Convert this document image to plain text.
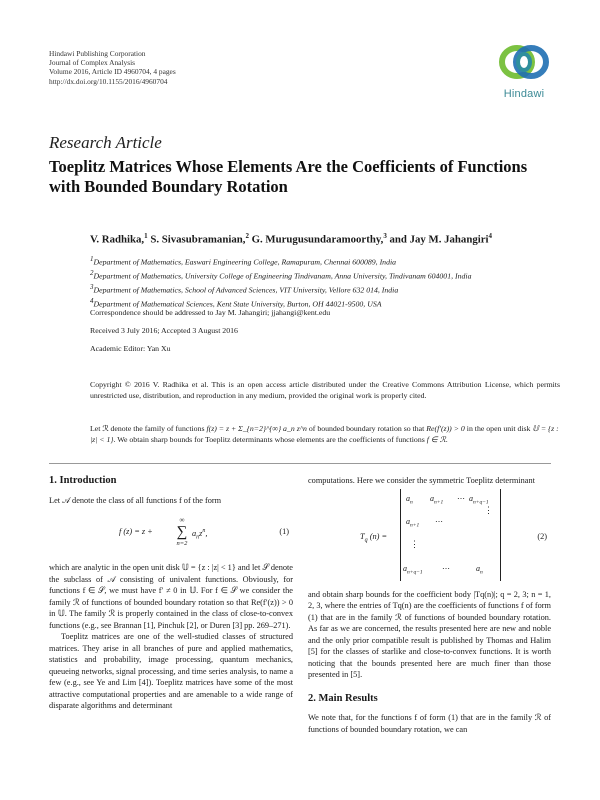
Hindawi Publishing Corporation
Journal of Complex Analysis
Volume 2016, Article ID 4960704, 4 pages
http://dx.doi.org/10.1155/2016/4960704
Hindawi
Research Article
Toeplitz Matrices Whose Elements Are the Coefficients of Functions with Bounded Boundary Rotation
V. Radhika,$^1$ S. Sivasubramanian,$^2$ G. Murugusundaramoorthy,$^3$ and Jay M. Jahangiri$^4$
$^1$Department of Mathematics, Easwari Engineering College, Ramapuram, Chennai 600089, India
$^2$Department of Mathematics, University College of Engineering Tindivanam, Anna University, Tindivanam 604001, India
$^3$Department of Mathematics, School of Advanced Sciences, VIT University, Vellore 632 014, India
$^4$Department of Mathematical Sciences, Kent State University, Burton, OH 44021-9500, USA
Correspondence should be addressed to Jay M. Jahangiri; jjahangi@kent.edu
Received 3 July 2016; Accepted 3 August 2016
Academic Editor: Yan Xu
Copyright © 2016 V. Radhika et al. This is an open access article distributed under the Creative Commons Attribution License, which permits unrestricted use, distribution, and reproduction in any medium, provided the original work is properly cited.
Let ℛ denote the family of functions f(z) = z + Σ_{n=2}^{∞} a_n z^n of bounded boundary rotation so that Re(f′(z)) > 0 in the open unit disk 𝕌 = {z : |z| < 1}. We obtain sharp bounds for Toeplitz determinants whose elements are the coefficients of functions f ∈ ℛ.
1. Introduction

Let 𝒜 denote the class of all functions f of the form

f (z) = z +
∞
∑
n=2
$a_nz^n$,	(1)

which are analytic in the open unit disk 𝕌 = {z : |z| < 1} and let 𝒮 denote the subclass of 𝒜 consisting of univalent functions. Obviously, for functions f ∈ 𝒮, we must have f′ ≠ 0 in 𝕌. For f ∈ 𝒮 we consider the family ℛ of functions of bounded boundary rotation so that Re(f′(z)) > 0 in 𝕌. The family ℛ is properly contained in the class of close-to-convex functions (e.g., see Brannan [1], Pinchuk [2], or Duren [3] pp. 269–271).

Toeplitz matrices are one of the well-studied classes of structured matrices. They arise in all branches of pure and applied mathematics, statistics and probability, image processing, quantum mechanics, queueing networks, signal processing, and time series analysis, to name a few (e.g., see Ye and Lim [4]). Toeplitz matrices have some of the most attractive computational properties and are amenable to a wide range of disparate algorithms and determinant

computations. Here we consider the symmetric Toeplitz determinant

$T_q$ (n) =
$a_n$ $a_{n+1}$ ⋯ $a_{n+q-1}$
$a_{n+1}$ ⋯
⋮
⋮
$a_{n+q-1}$ ⋯	$a_n$
(2)

and obtain sharp bounds for the coefficient body |Tq(n)|; q = 2, 3; n = 1, 2, 3, where the entries of Tq(n) are the coefficients of functions f of form (1) that are in the family ℛ of functions of bounded boundary rotation. As far as we are concerned, the results presented here are new and noble and the only prior compatible result is published by Thomas and Halim [5] for the classes of starlike and close-to-convex functions. It is worth noticing that the bounds presented here are much finer than those presented in [5].

2. Main Results

We note that, for the functions f of form (1) that are in the family ℛ of functions of bounded boundary rotation, we can
